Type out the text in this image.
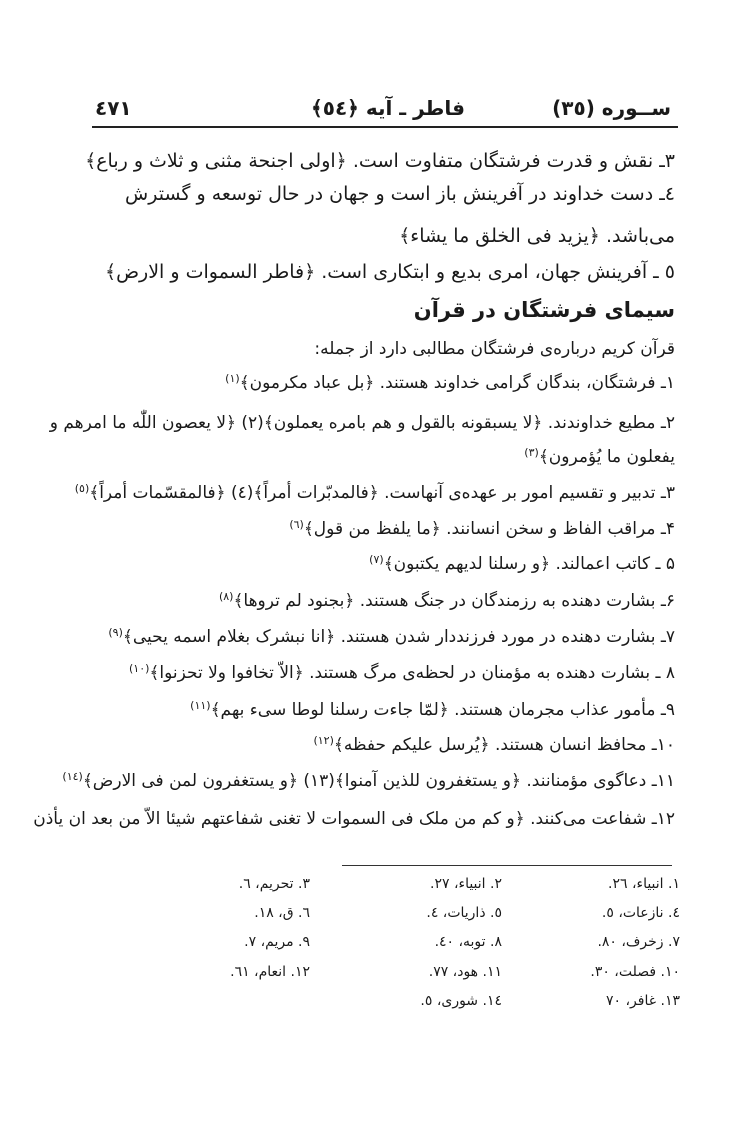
ســوره (٣٥)
فاطر ـ آیه ﴿٥٤﴾
٤٧١
٣ـ نقش و قدرت فرشتگان متفاوت است. ﴿اولی اجنحة مثنی و ثلاث و رباع﴾
٤ـ دست خداوند در آفرینش باز است و جهان در حال توسعه و گسترش
می‌باشد. ﴿یزید فی الخلق ما یشاء﴾
٥ ـ آفرینش جهان، امری بدیع و ابتکاری است. ﴿فاطر السموات و الارض﴾
سیمای فرشتگان در قرآن
قرآن کریم درباره‌ی فرشتگان مطالبی دارد از جمله:
١ـ فرشتگان، بندگان گرامی خداوند هستند. ﴿بل عباد مکرمون﴾$^{(١)}$
٢ـ مطیع خداوندند. ﴿لا یسبقونه بالقول و هم بامره یعملون﴾(٢) ﴿لا یعصون اللّٰه ما امرهم و
یفعلون ما یُؤمرون﴾$^{(٣)}$
٣ـ تدبیر و تقسیم امور بر عهده‌ی آنهاست. ﴿فالمدبّرات أمراً﴾(٤) ﴿فالمقسّمات أمراً﴾$^{(٥)}$
۴ـ مراقب الفاظ و سخن انسانند. ﴿ما یلفظ من قول﴾$^{(٦)}$
۵ ـ کاتب اعمالند. ﴿و رسلنا لدیهم یکتبون﴾$^{(٧)}$
۶ـ بشارت دهنده به رزمندگان در جنگ هستند. ﴿بجنود لم تروها﴾$^{(٨)}$
٧ـ بشارت دهنده در مورد فرزنددار شدن هستند. ﴿انا نبشرک بغلام اسمه یحیی﴾$^{(٩)}$
٨ ـ بشارت دهنده به مؤمنان در لحظه‌ی مرگ هستند. ﴿الاّ تخافوا ولا تحزنوا﴾$^{(١٠)}$
٩ـ مأمور عذاب مجرمان هستند. ﴿لمّا جاءت رسلنا لوطا سیء بهم﴾$^{(١١)}$
١٠ـ محافظ انسان هستند. ﴿یُرسل علیکم حفظه﴾$^{(١٢)}$
١١ـ دعاگوی مؤمنانند. ﴿و یستغفرون للذین آمنوا﴾(١٣) ﴿و یستغفرون لمن فی الارض﴾$^{(١٤)}$
١٢ـ شفاعت می‌کنند. ﴿و کم من ملک فی السموات لا تغنی شفاعتهم شیئا الاّ من بعد ان یأذن
١. انبیاء، ٢٦.
٢. انبیاء، ٢٧.
٣. تحریم، ٦.
٤. نازعات، ٥.
٥. ذاریات، ٤.
٦. ق، ١٨.
٧. زخرف، ٨٠.
٨. توبه، ٤٠.
٩. مریم، ٧.
١٠. فصلت، ٣٠.
١١. هود، ٧٧.
١٢. انعام، ٦١.
١٣. غافر، ٧٠
١٤. شوری، ٥.
